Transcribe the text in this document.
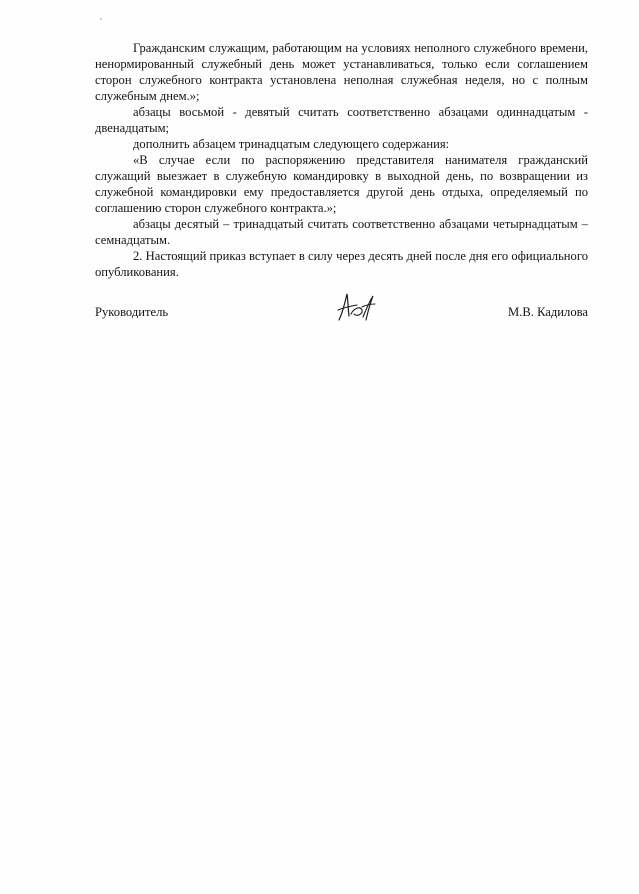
Гражданским служащим, работающим на условиях неполного служебного времени, ненормированный служебный день может устанавливаться, только если соглашением сторон служебного контракта установлена неполная служебная неделя, но с полным служебным днем.»;

абзацы восьмой - девятый считать соответственно абзацами одиннадцатым - двенадцатым;

дополнить абзацем тринадцатым следующего содержания:

«В случае если по распоряжению представителя нанимателя гражданский служащий выезжает в служебную командировку в выходной день, по возвращении из служебной командировки ему предоставляется другой день отдыха, определяемый по соглашению сторон служебного контракта.»;

абзацы десятый – тринадцатый считать соответственно абзацами четырнадцатым – семнадцатым.

2. Настоящий приказ вступает в силу через десять дней после дня его официального опубликования.

Руководитель	М.В. Кадилова
